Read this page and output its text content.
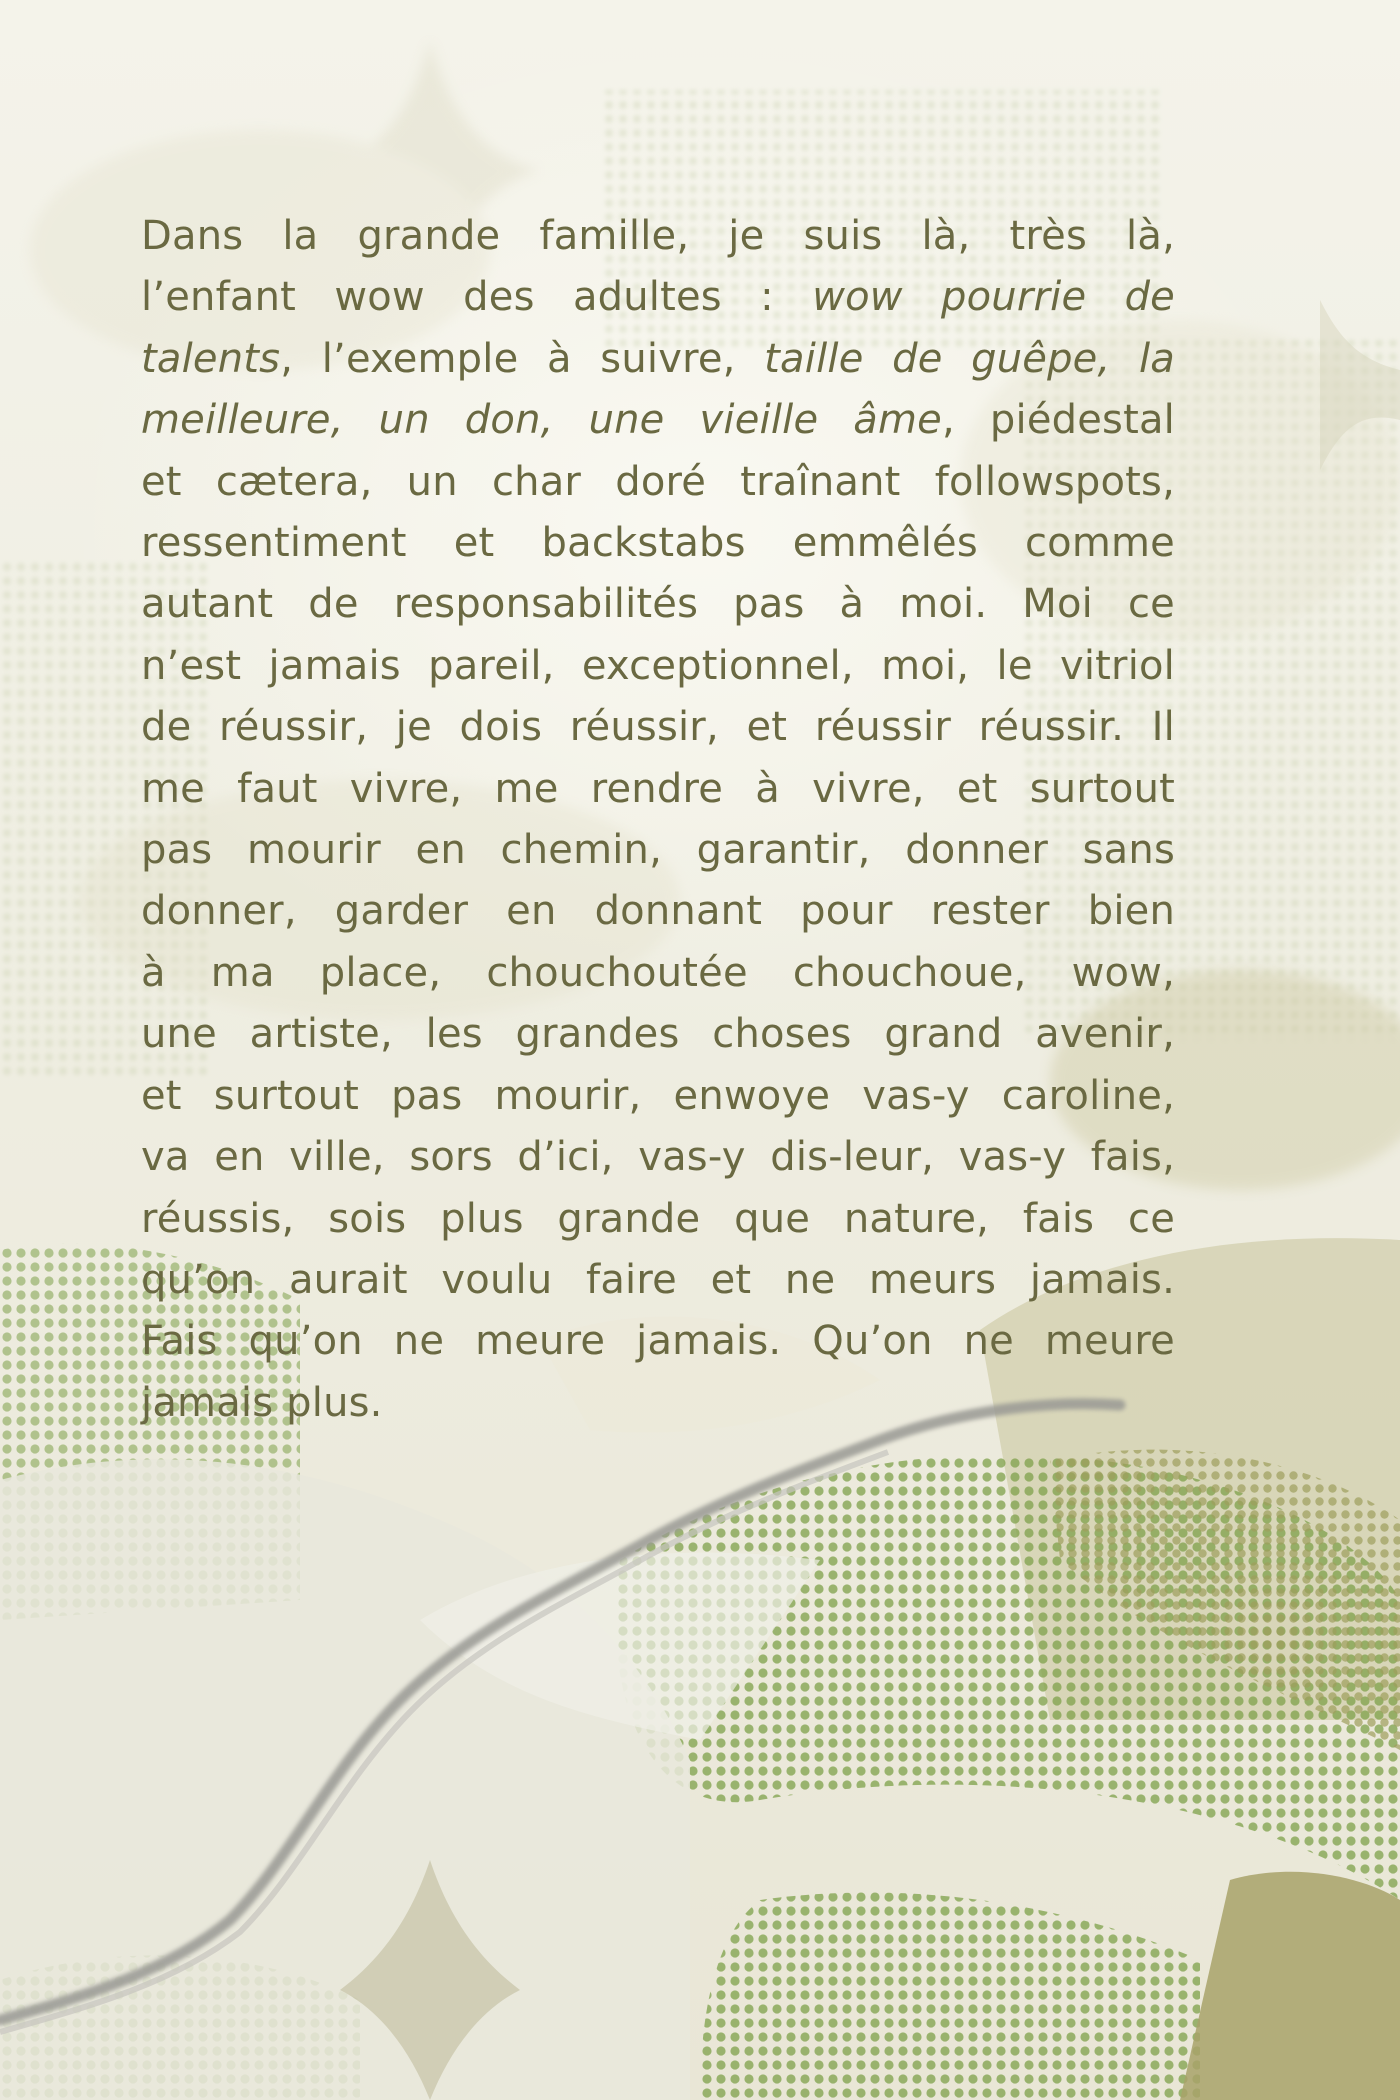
Dans la grande famille, je suis là, très là,
l’enfant wow des adultes : wow pourrie de
talents, l’exemple à suivre, taille de guêpe, la
meilleure, un don, une vieille âme, piédestal
et cætera, un char doré traînant followspots,
ressentiment et backstabs emmêlés comme
autant de responsabilités pas à moi. Moi ce
n’est jamais pareil, exceptionnel, moi, le vitriol
de réussir, je dois réussir, et réussir réussir. Il
me faut vivre, me rendre à vivre, et surtout
pas mourir en chemin, garantir, donner sans
donner, garder en donnant pour rester bien
à ma place, chouchoutée chouchoue, wow,
une artiste, les grandes choses grand avenir,
et surtout pas mourir, enwoye vas-y caroline,
va en ville, sors d’ici, vas-y dis-leur, vas-y fais,
réussis, sois plus grande que nature, fais ce
qu’on aurait voulu faire et ne meurs jamais.
Fais qu’on ne meure jamais. Qu’on ne meure
jamais plus.
